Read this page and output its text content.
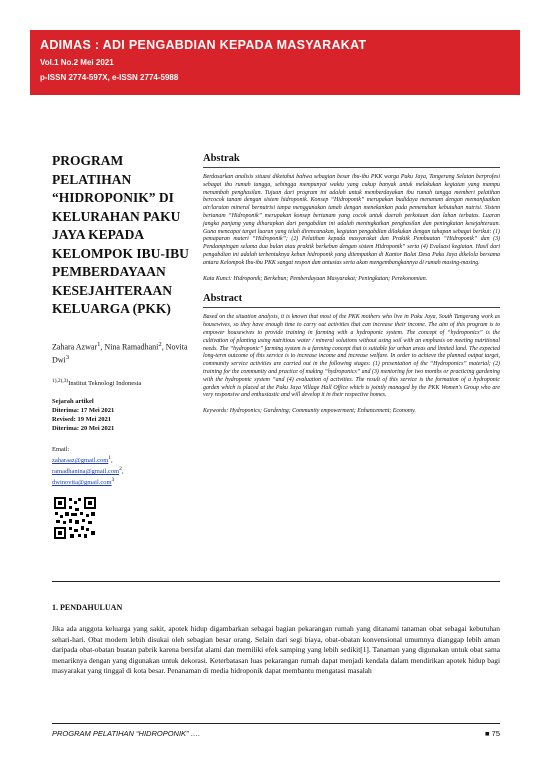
ADIMAS : ADI PENGABDIAN KEPADA MASYARAKAT
Vol.1 No.2 Mei 2021
p-ISSN 2774-597X, e-ISSN 2774-5988
PROGRAM PELATIHAN “HIDROPONIK” DI KELURAHAN PAKU JAYA KEPADA KELOMPOK IBU-IBU PEMBERDAYAAN KESEJAHTERAAN KELUARGA (PKK)
Zahara Azwar$^1$, Nina Ramadhani$^2$, Novita Dwi$^3$
$^{1),2),3)}$Institut Teknologi Indonesia
Sejarah artikel
Diterima: 17 Mei 2021
Revised: 19 Mei 2021
Diterima: 20 Mei 2021
Email:
zaharaaz@gmail.com$^1$,
ramadhanina@gmail.com$^2$,
dwinovita@gmail.com$^3$
Abstrak
Berdasarkan analisis situasi diketahui bahwa sebagian besar ibu-ibu PKK warga Paku Jaya, Tangerang Selatan berprofesi sebagai ibu rumah tangga, sehingga mempunyai waktu yang cukup banyak untuk melakukan kegiatan yang mampu menambah penghasilan. Tujuan dari program ini adalah untuk memberdayakan ibu rumah tangga memberi pelatihan bercocok tanam dengan sistem hidroponik. Konsep “Hidroponik” merupakan budidaya menanam dengan memanfaatkan air/larutan mineral bernutrisi tanpa menggunakan tanah dengan menekankan pada pemenuhan kebutuhan nutrisi. Sistem bertanam “Hidroponik” merupakan konsep bertanam yang cocok untuk daerah perkotaan dan lahan terbatas. Luaran jangka panjang yang diharapkan dari pengabdian ini adalah meningkatkan penghasilan dan peningkatan kesejahteraan. Guna mencapai target luaran yang telah direncanakan, kegiatan pengabdian dilakukan dengan tahapan sebagai berikut: (1) pemaparan materi “Hidroponik”; (2) Pelatihan kepada masyarakat dan Praktik Pembuatan “Hidroponik” dan (3) Pendampingan selama dua bulan atau praktik berkebun dengan sistem Hidroponik” serta (4) Evaluasi kegiatan. Hasil dari pengabdian ini adalah terbentuknya kebun hidroponik yang ditempatkan di Kantor Balai Desa Paku Jaya dikelola bersama antara Kelompok Ibu-ibu PKK sangat respon dan antusias serta akan mengembangkannya di rumah masing-masing.
Kata Kunci: Hidroponik; Berkebun; Pemberdayaan Masyarakat; Peningkatan; Perekonomian.
Abstract
Based on the situation analysis, it is known that most of the PKK mothers who live in Paku Jaya, South Tangerang work as housewives, so they have enough time to carry out activities that can increase their income. The aim of this program is to empower housewives to provide training in farming with a hydroponic system. The concept of “hydroponics” is the cultivation of planting using nutritious water / mineral solutions without using soil with an emphasis on meeting nutritional needs. The “hydroponic” farming system is a farming concept that is suitable for urban areas and limited land. The expected long-term outcome of this service is to increase income and increase welfare. In order to achieve the planned output target, community service activities are carried out in the following stages: (1) presentation of the “Hydroponics” material; (2) training for the community and practice of making “hydroponics” and (3) mentoring for two months or practicing gardening with the hydroponic system “and (4) evaluation of activities. The result of this service is the formation of a hydroponic garden which is placed at the Paku Jaya Village Hall Office which is jointly managed by the PKK Women's Group who are very responsive and enthusiastic and will develop it in their respective homes.
Keywords: Hydroponics; Gardening; Community empowerment; Enhancement; Economy.
1. PENDAHULUAN

Jika ada anggota keluarga yang sakit, apotek hidup digambarkan sebagai bagian pekarangan rumah yang ditanami tanaman obat sebagai kebutuhan sehari-hari. Obat modern lebih disukai oleh sebagian besar orang. Selain dari segi biaya, obat-obatan konvensional umumnya dianggap lebih aman daripada obat-obatan buatan pabrik karena bersifat alami dan memiliki efek samping yang lebih sedikit[1]. Tanaman yang digunakan untuk obat sama menariknya dengan yang digunakan untuk dekorasi. Keterbatasan luas pekarangan rumah dapat menjadi kendala dalam mendirikan apotek hidup bagi masyarakat yang tinggal di kota besar. Penanaman di media hidroponik dapat membantu mengatasi masalah

PROGRAM PELATIHAN “HIDROPONIK” ….	■ 75
